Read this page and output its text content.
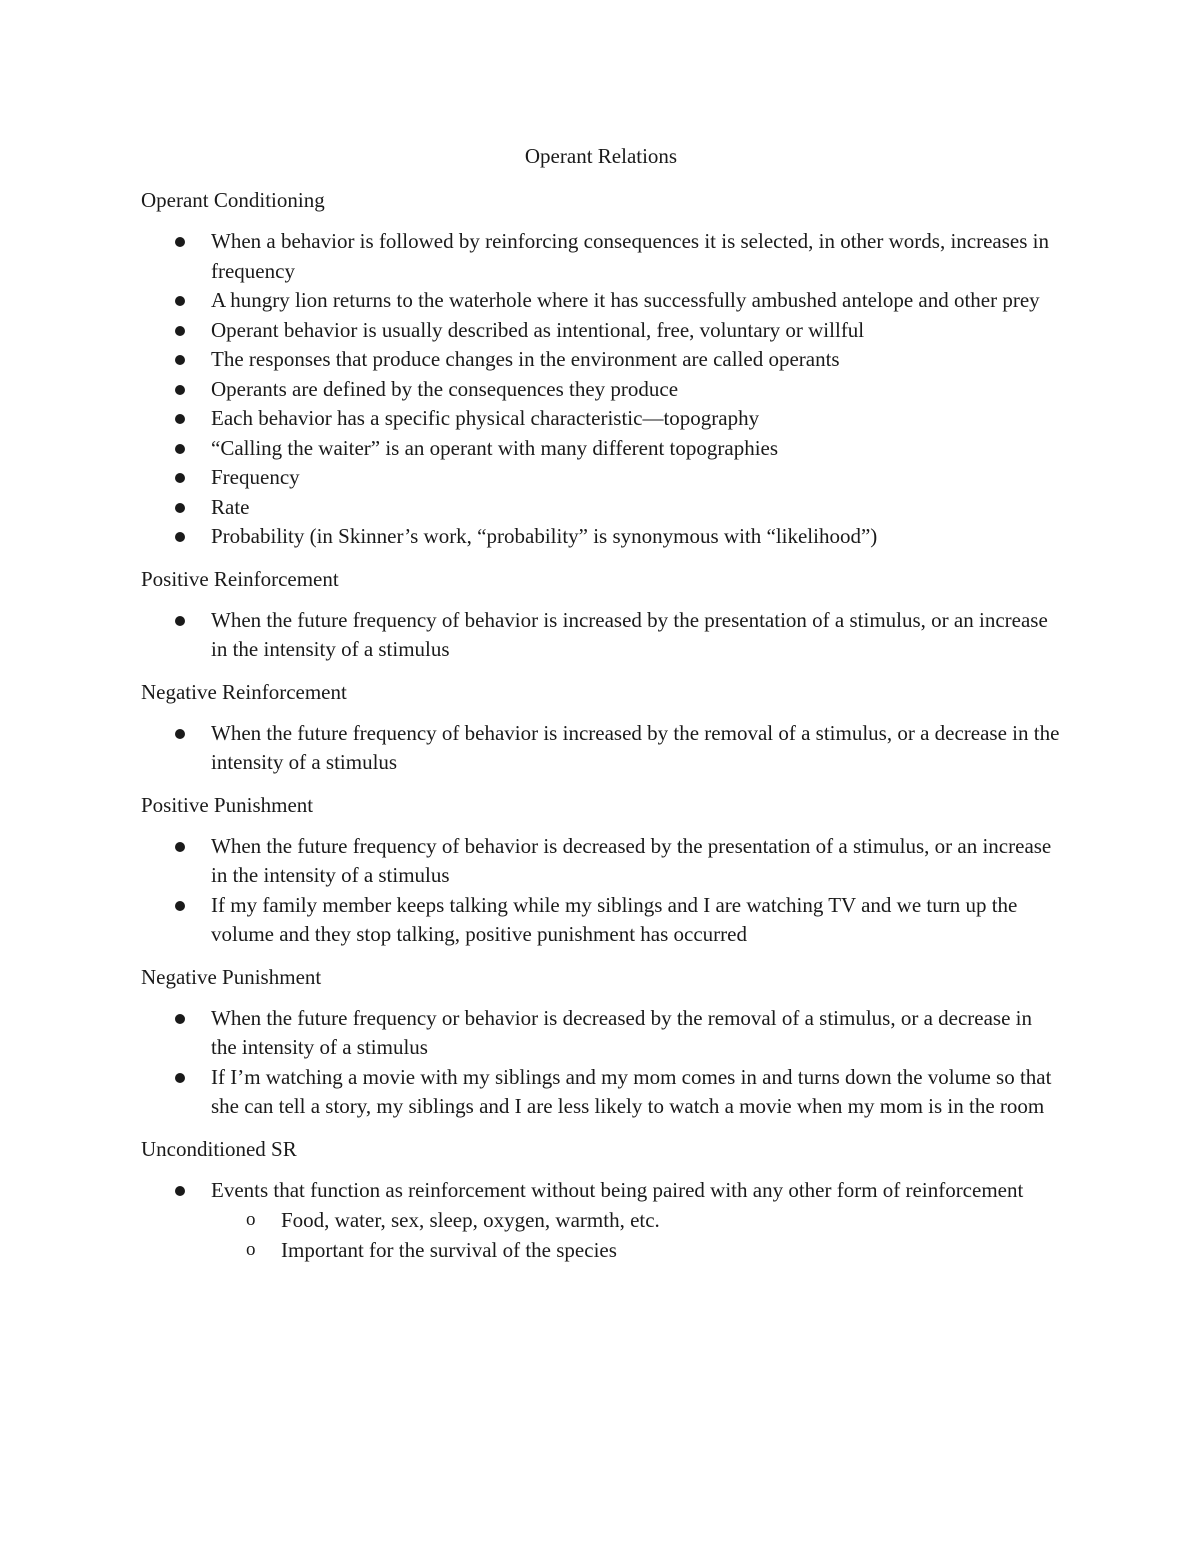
Operant Relations
Operant Conditioning
When a behavior is followed by reinforcing consequences it is selected, in other words, increases in frequency
A hungry lion returns to the waterhole where it has successfully ambushed antelope and other prey
Operant behavior is usually described as intentional, free, voluntary or willful
The responses that produce changes in the environment are called operants
Operants are defined by the consequences they produce
Each behavior has a specific physical characteristic—topography
“Calling the waiter” is an operant with many different topographies
Frequency
Rate
Probability (in Skinner’s work, “probability” is synonymous with “likelihood”)
Positive Reinforcement
When the future frequency of behavior is increased by the presentation of a stimulus, or an increase in the intensity of a stimulus
Negative Reinforcement
When the future frequency of behavior is increased by the removal of a stimulus, or a decrease in the intensity of a stimulus
Positive Punishment
When the future frequency of behavior is decreased by the presentation of a stimulus, or an increase in the intensity of a stimulus
If my family member keeps talking while my siblings and I are watching TV and we turn up the volume and they stop talking, positive punishment has occurred
Negative Punishment
When the future frequency or behavior is decreased by the removal of a stimulus, or a decrease in the intensity of a stimulus
If I’m watching a movie with my siblings and my mom comes in and turns down the volume so that she can tell a story, my siblings and I are less likely to watch a movie when my mom is in the room
Unconditioned SR
Events that function as reinforcement without being paired with any other form of reinforcement
o Food, water, sex, sleep, oxygen, warmth, etc.
o Important for the survival of the species
